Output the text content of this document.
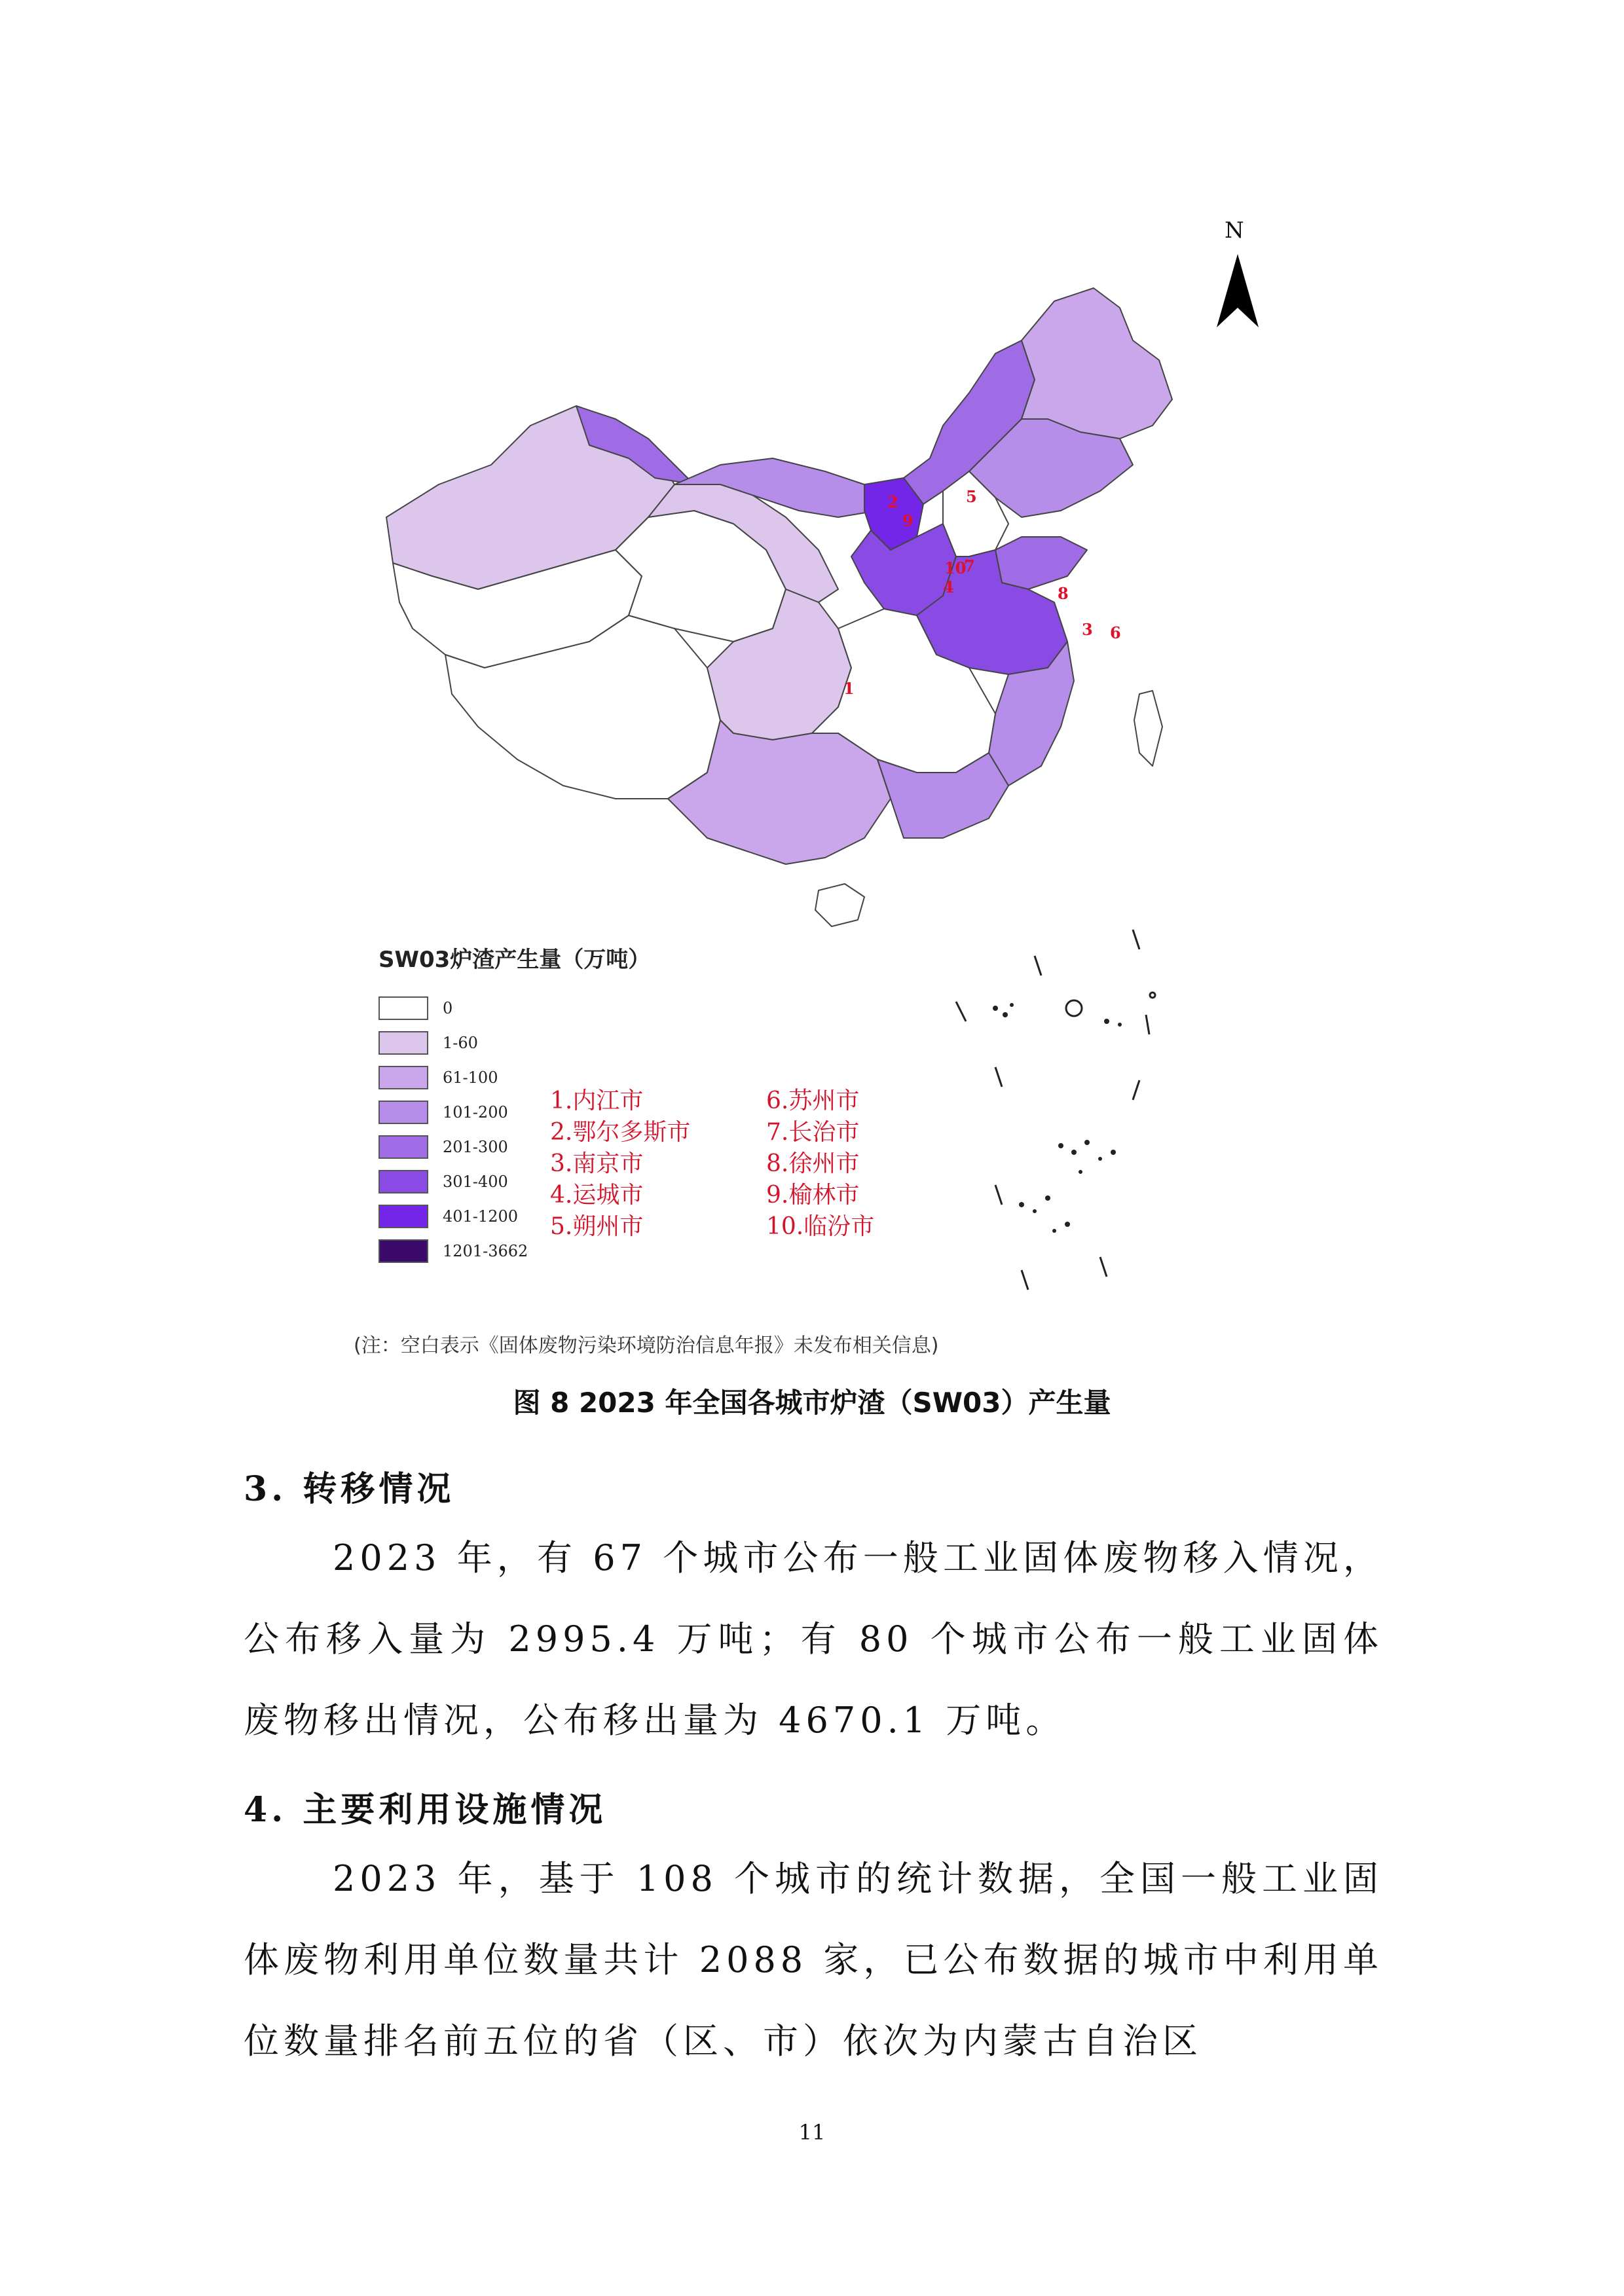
2	5
9
10
7
4	8
3 6
1
N
SW03炉渣产生量（万吨）
0
1-60
61-100
101-200
201-300
301-400
401-1200
1201-3662
1.内江市	6.苏州市
2.鄂尔多斯市	7.长治市
3.南京市	8.徐州市
4.运城市	9.榆林市
5.朔州市	10.临汾市
(注：空白表示《固体废物污染环境防治信息年报》未发布相关信息)
图 8 2023 年全国各城市炉渣（SW03）产生量
3. 转移情况
2023 年，有 67 个城市公布一般工业固体废物移入情况，公布移入量为 2995.4 万吨；有 80 个城市公布一般工业固体废物移出情况，公布移出量为 4670.1 万吨。
4. 主要利用设施情况
2023 年，基于 108 个城市的统计数据，全国一般工业固体废物利用单位数量共计 2088 家，已公布数据的城市中利用单位数量排名前五位的省（区、市）依次为内蒙古自治区
11
